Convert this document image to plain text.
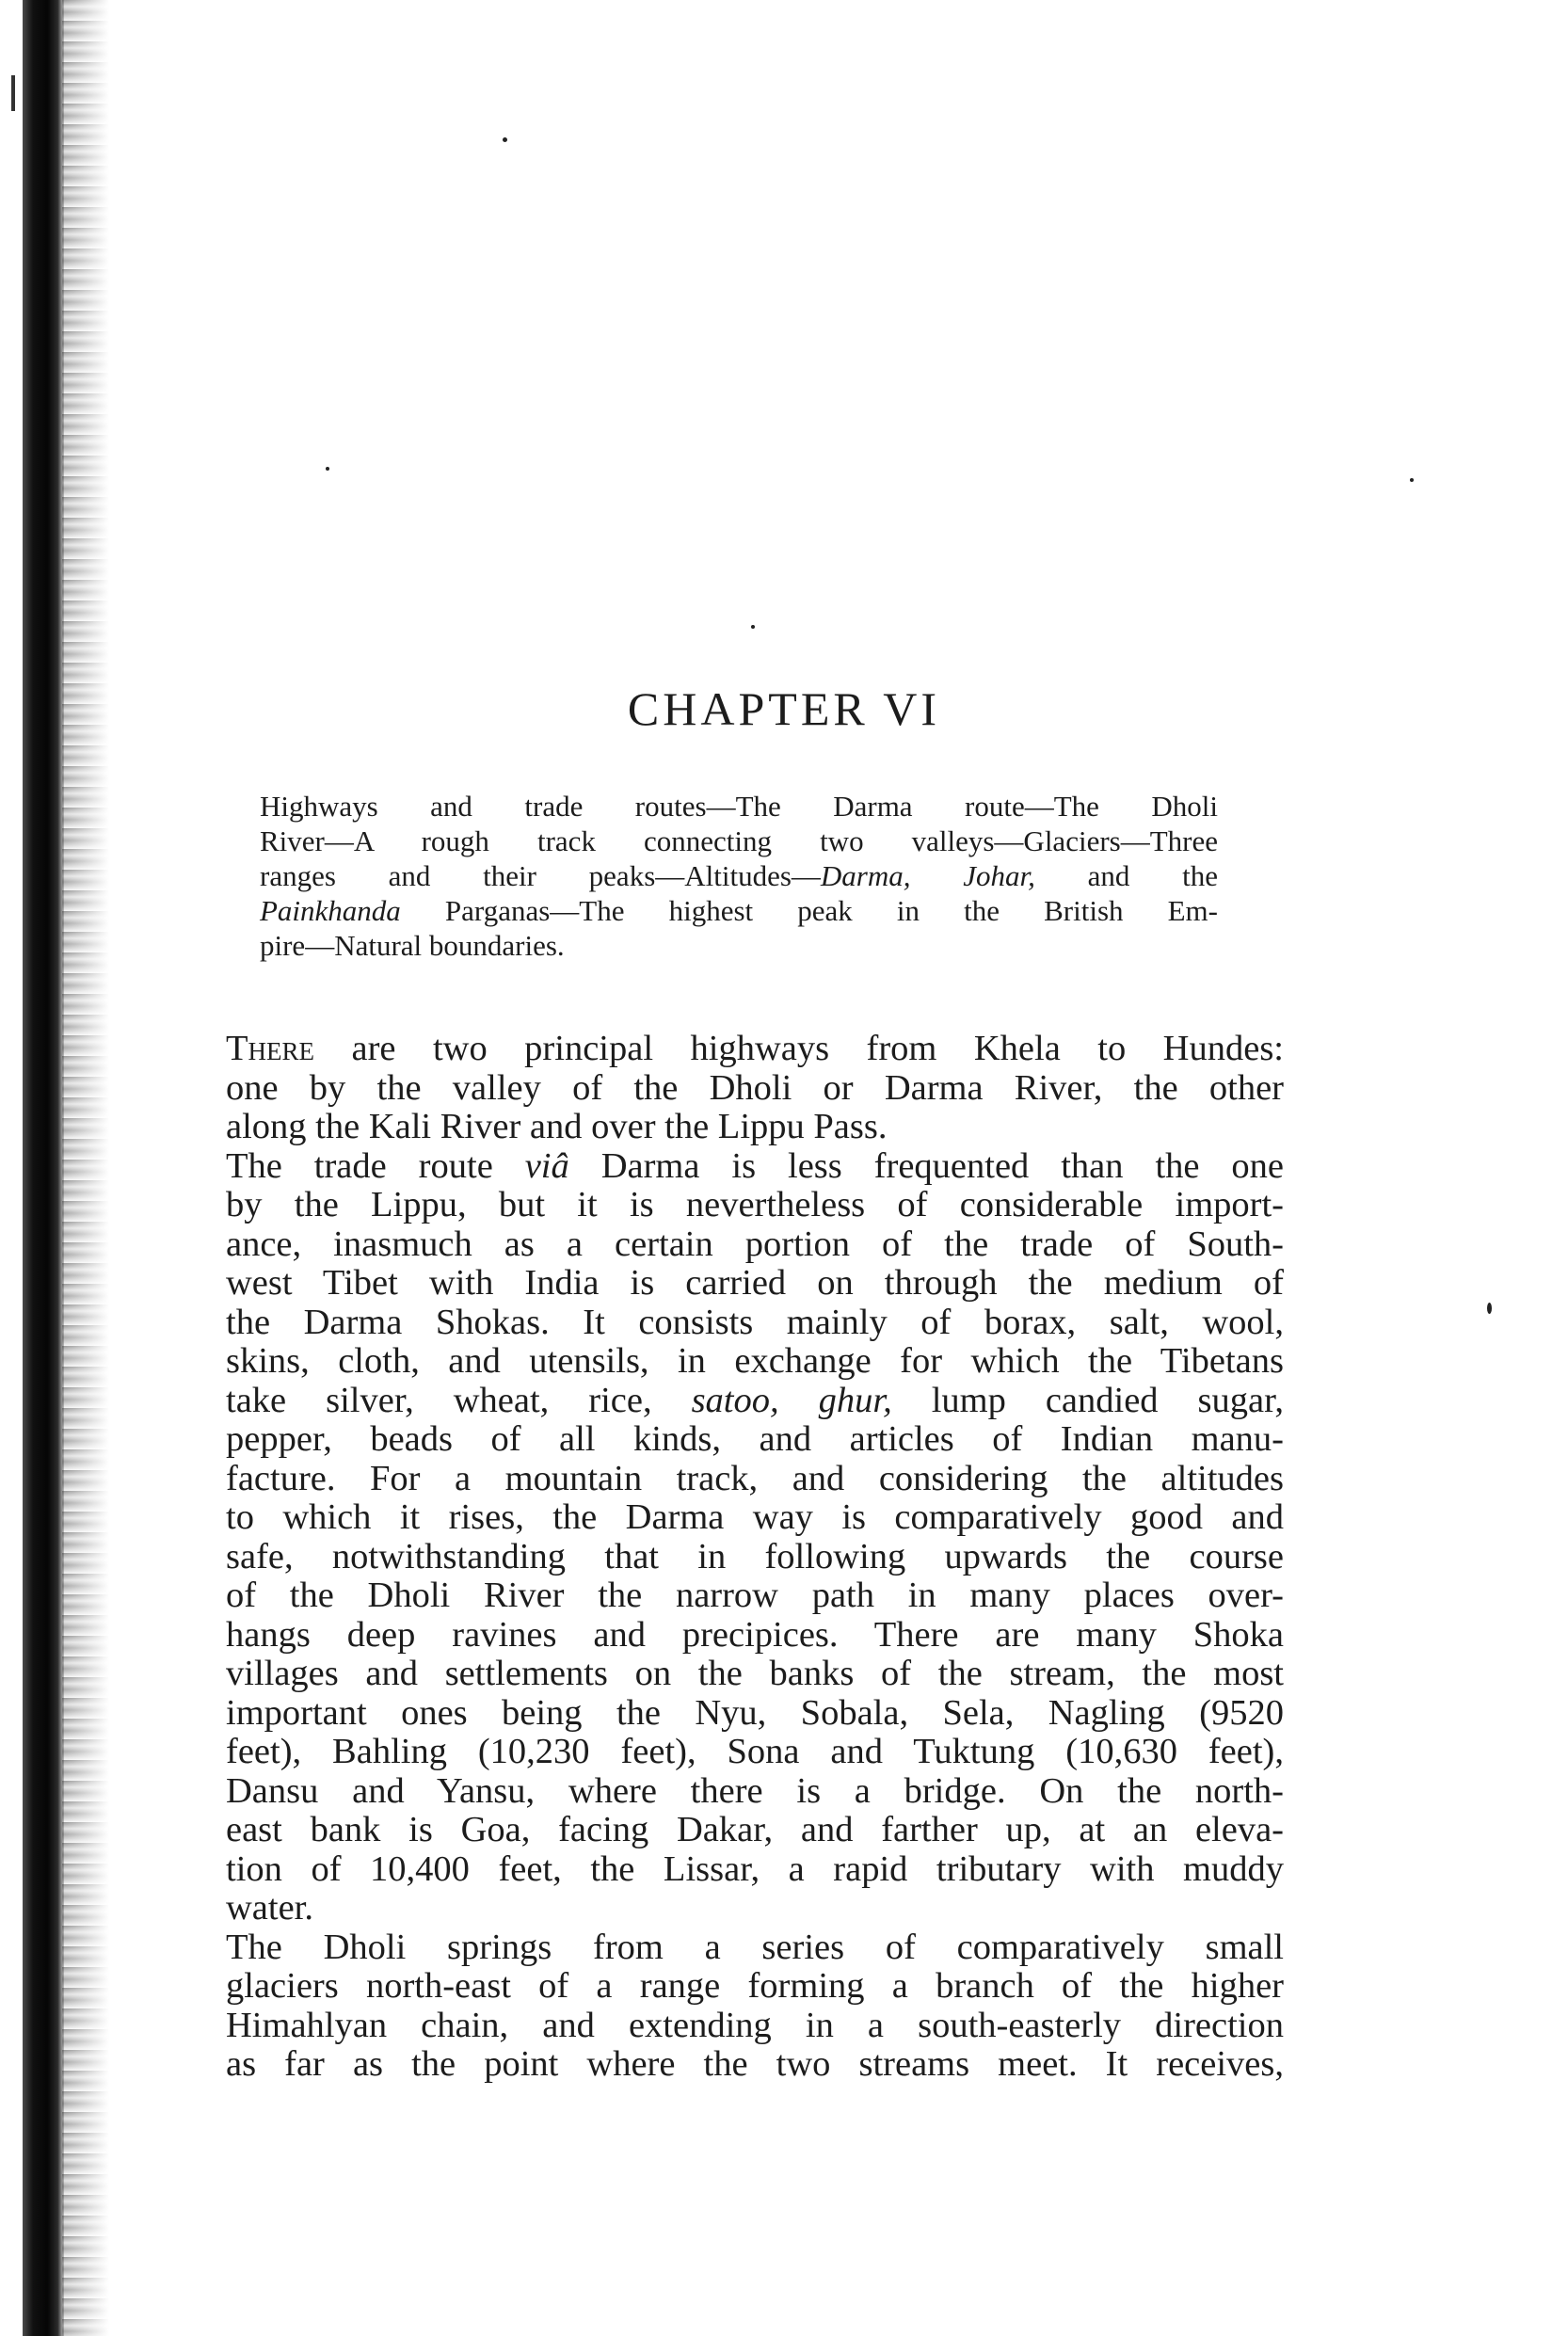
CHAPTER VI
Highways and trade routes—The Darma route—The Dholi
River—A rough track connecting two valleys—Glaciers—Three
ranges and their peaks—Altitudes—Darma, Johar, and the
Painkhanda Parganas—The highest peak in the British Em-
pire—Natural boundaries.
There are two principal highways from Khela to Hundes:
one by the valley of the Dholi or Darma River, the other
along the Kali River and over the Lippu Pass.
The trade route viâ Darma is less frequented than the one
by the Lippu, but it is nevertheless of considerable import-
ance, inasmuch as a certain portion of the trade of South-
west Tibet with India is carried on through the medium of
the Darma Shokas. It consists mainly of borax, salt, wool,
skins, cloth, and utensils, in exchange for which the Tibetans
take silver, wheat, rice, satoo, ghur, lump candied sugar,
pepper, beads of all kinds, and articles of Indian manu-
facture. For a mountain track, and considering the altitudes
to which it rises, the Darma way is comparatively good and
safe, notwithstanding that in following upwards the course
of the Dholi River the narrow path in many places over-
hangs deep ravines and precipices. There are many Shoka
villages and settlements on the banks of the stream, the most
important ones being the Nyu, Sobala, Sela, Nagling (9520
feet), Bahling (10,230 feet), Sona and Tuktung (10,630 feet),
Dansu and Yansu, where there is a bridge. On the north-
east bank is Goa, facing Dakar, and farther up, at an eleva-
tion of 10,400 feet, the Lissar, a rapid tributary with muddy
water.
The Dholi springs from a series of comparatively small
glaciers north-east of a range forming a branch of the higher
Himahlyan chain, and extending in a south-easterly direction
as far as the point where the two streams meet. It receives,
